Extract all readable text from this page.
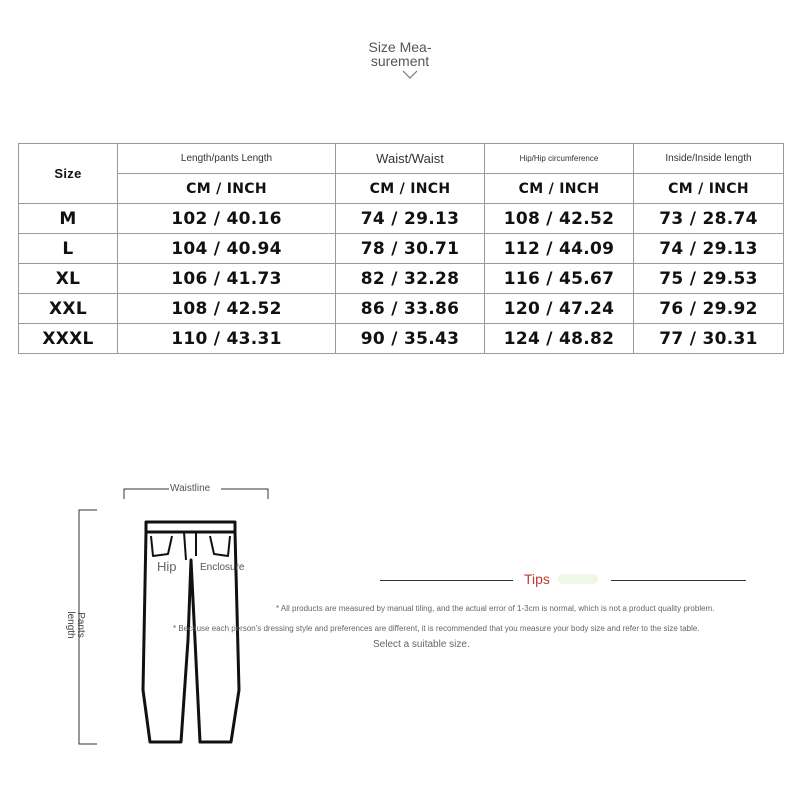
Size Mea-
surement
Size	Length/pants Length	Waist/Waist	Hip/Hip circumference	Inside/Inside length
	CM / INCH	CM / INCH	CM / INCH	CM / INCH
M	102 / 40.16	74 / 29.13	108 / 42.52	73 / 28.74
L	104 / 40.94	78 / 30.71	112 / 44.09	74 / 29.13
XL	106 / 41.73	82 / 32.28	116 / 45.67	75 / 29.53
XXL	108 / 42.52	86 / 33.86	120 / 47.24	76 / 29.92
XXXL	110 / 43.31	90 / 35.43	124 / 48.82	77 / 30.31
Waistline
Pants
length
Hip Enclosure
Tips
* All products are measured by manual tiling, and the actual error of 1-3cm is normal, which is not a product quality problem.
* Because each person's dressing style and preferences are different, it is recommended that you measure your body size and refer to the size table.
Select a suitable size.
